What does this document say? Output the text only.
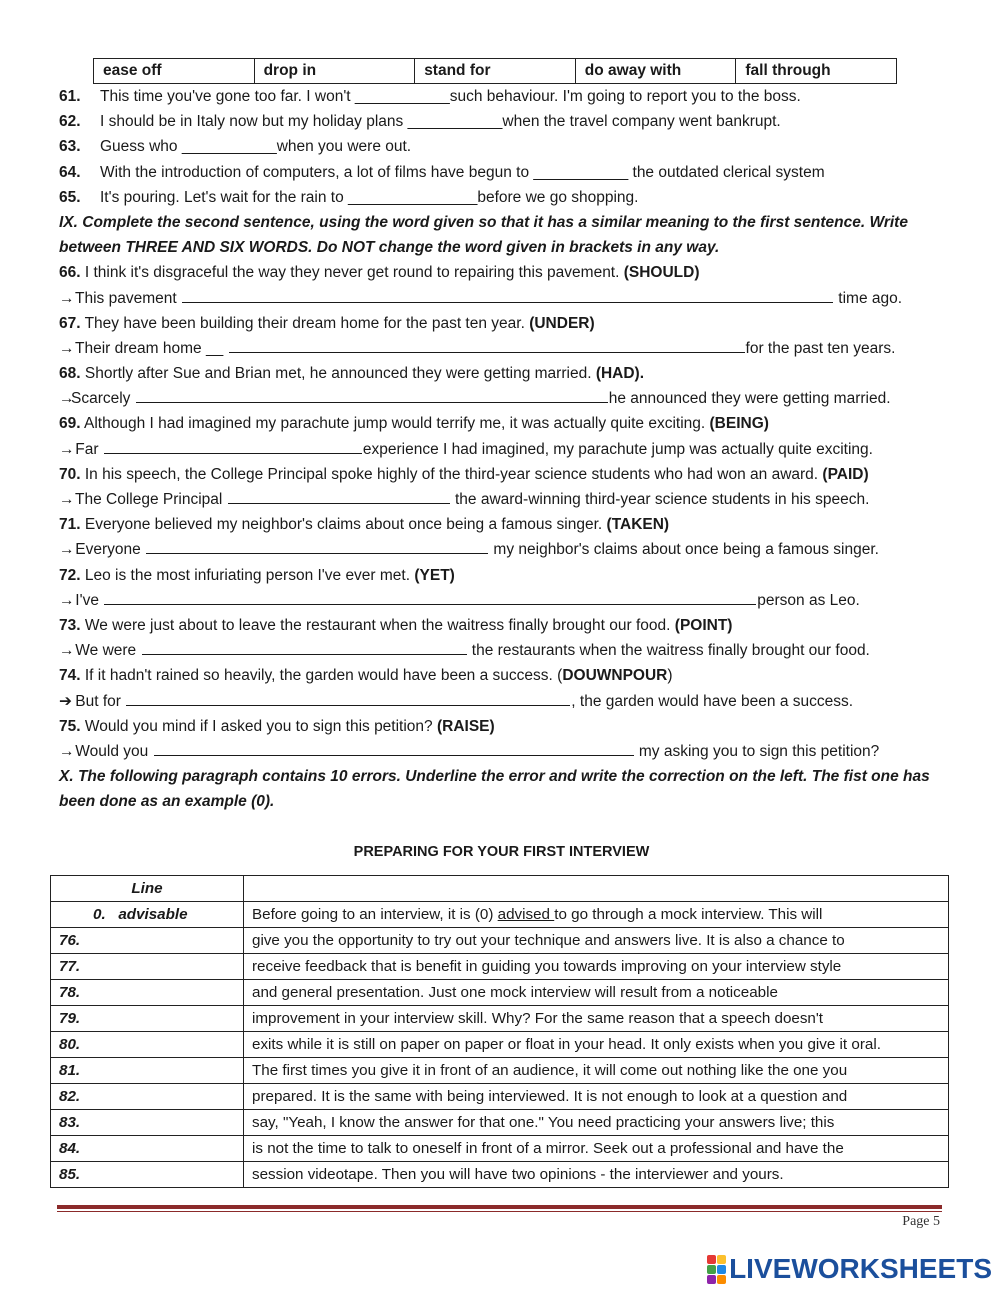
ease off	drop in	stand for	do away with	fall through
61. This time you've gone too far. I won't ___________such behaviour. I'm going to report you to the boss.
62. I should be in Italy now but my holiday plans ___________when the travel company went bankrupt.
63. Guess who ___________when you were out.
64. With the introduction of computers, a lot of films have begun to ___________ the outdated clerical system
65. It's pouring. Let's wait for the rain to _______________before we go shopping.
IX. Complete the second sentence, using the word given so that it has a similar meaning to the first sentence. Write between THREE AND SIX WORDS. Do NOT change the word given in brackets in any way.
66. I think it's disgraceful the way they never get round to repairing this pavement. (SHOULD)
→ This pavement	time ago.
67. They have been building their dream home for the past ten year. (UNDER)
→ Their dream home __	for the past ten years.
68. Shortly after Sue and Brian met, he announced they were getting married. (HAD).
→Scarcely	he announced they were getting married.
69. Although I had imagined my parachute jump would terrify me, it was actually quite exciting. (BEING)
→ Far	experience I had imagined, my parachute jump was actually quite exciting.
70. In his speech, the College Principal spoke highly of the third-year science students who had won an award. (PAID)
→ The College Principal	the award-winning third-year science students in his speech.
71. Everyone believed my neighbor's claims about once being a famous singer. (TAKEN)
→ Everyone	my neighbor's claims about once being a famous singer.
72. Leo is the most infuriating person I've ever met. (YET)
→ I've	person as Leo.
73. We were just about to leave the restaurant when the waitress finally brought our food. (POINT)
→ We were	the restaurants when the waitress finally brought our food.
74. If it hadn't rained so heavily, the garden would have been a success. (DOUWNPOUR)
➔ But for	, the garden would have been a success.
75. Would you mind if I asked you to sign this petition? (RAISE)
→ Would you	my asking you to sign this petition?
X. The following paragraph contains 10 errors. Underline the error and write the correction on the left. The fist one has been done as an example (0).
PREPARING FOR YOUR FIRST INTERVIEW
Line	
0. advisable	Before going to an interview, it is (0) advised to go through a mock interview. This will
76.	give you the opportunity to try out your technique and answers live. It is also a chance to
77.	receive feedback that is benefit in guiding you towards improving on your interview style
78.	and general presentation. Just one mock interview will result from a noticeable
79.	improvement in your interview skill. Why? For the same reason that a speech doesn't
80.	exits while it is still on paper on paper or float in your head. It only exists when you give it oral.
81.	The first times you give it in front of an audience, it will come out nothing like the one you
82.	prepared. It is the same with being interviewed. It is not enough to look at a question and
83.	say, "Yeah, I know the answer for that one." You need practicing your answers live; this
84.	is not the time to talk to oneself in front of a mirror. Seek out a professional and have the
85.	session videotape. Then you will have two opinions - the interviewer and yours.
Page 5
LIVEWORKSHEETS
